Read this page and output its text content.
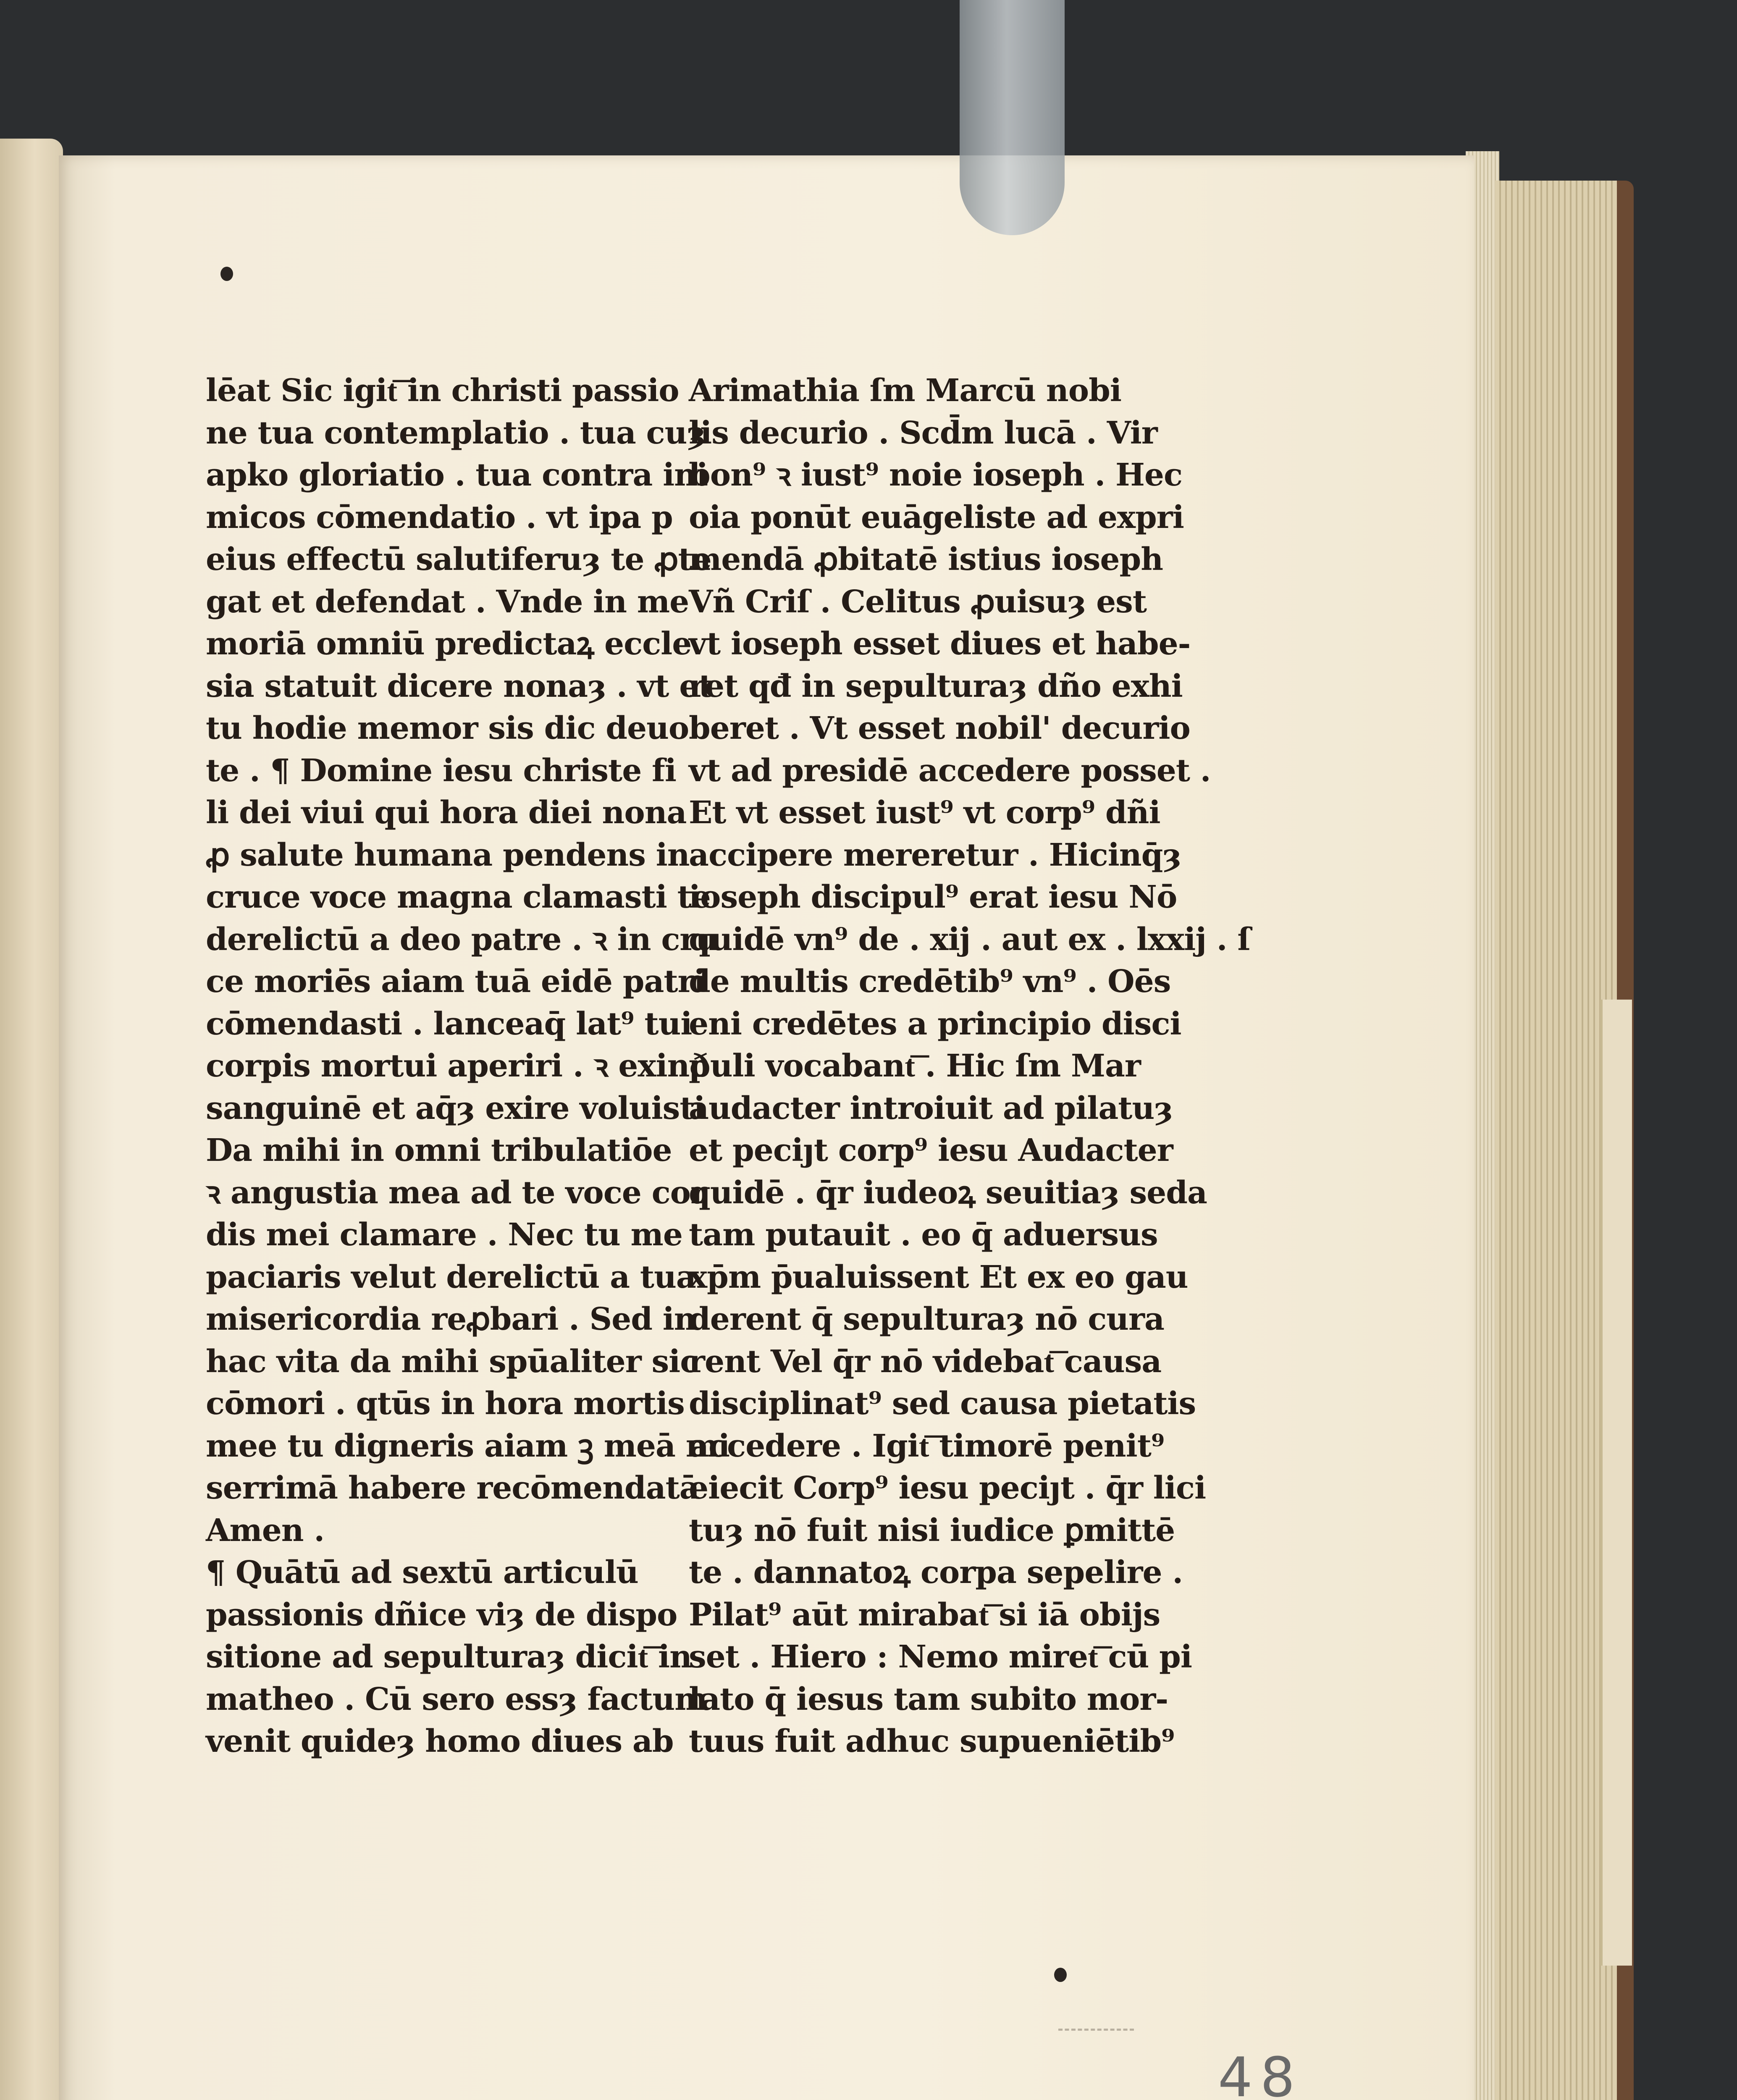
lēat Sic igit͞ in christi passio
ne tua contemplatio . tua cuȝ
apko gloriatio . tua contra ini
micos cōmendatio . vt ipa p
eius effectū salutiferuȝ te ꝓte
gat et defendat . Vnde in me
moriā omniū predictaꝝ eccle
sia statuit dicere nonaȝ . vt et
tu hodie memor sis dic deuo
te . ¶ Domine iesu christe fi
li dei viui qui hora diei nona
ꝓ salute humana pendens in
cruce voce magna clamasti te
derelictū a deo patre . ꝛ in cru
ce moriēs aiam tuā eidē patri
cōmendasti . lanceaq̄ lat⁹ tui
corpis mortui aperiri . ꝛ exinð
sanguinē et aq̄ȝ exire voluisti
Da mihi in omni tribulatiōe
ꝛ angustia mea ad te voce cor
dis mei clamare . Nec tu me
paciaris velut derelictū a tua
misericordia reꝓbari . Sed in
hac vita da mihi spūaliter sic
cōmori . qtūs in hora mortis
mee tu digneris aiam ꝫ meā mi
serrimā habere recōmendatā
Amen .
¶ Quātū ad sextū articulū
passionis dñice viȝ de dispo
sitione ad sepulturaȝ dicit͞ in
matheo . Cū sero essȝ factum
venit quideȝ homo diues ab
Arimathia ſm Marcū nobi
lis decurio . Scd̄m lucā . Vir
bon⁹ ꝛ iust⁹ noie ioseph . Hec
oia ponūt euāgeliste ad expri
mendā ꝓbitatē istius ioseph
Vñ Criſ . Celitus ꝓuisuȝ est
vt ioseph esset diues et habe-
ret qđ in sepulturaȝ dño exhi
beret . Vt esset nobil' decurio
vt ad presidē accedere posset .
Et vt esset iust⁹ vt corp⁹ dñi
accipere mereretur . Hicinq̄ȝ
ioseph discipul⁹ erat iesu Nō
quidē vn⁹ de . xij . aut ex . lxxij . ſ
de multis credētib⁹ vn⁹ . Oēs
eni credētes a principio disci
puli vocabant͞ . Hic ſm Mar
audacter introiuit ad pilatuȝ
et peciȷt corp⁹ iesu Audacter
quidē . q̄r iudeoꝝ seuitiaȝ seda
tam putauit . eo q̄ aduersus
xp̄m p̄ualuissent Et ex eo gau
derent q̄ sepulturaȝ nō cura
rent Vel q̄r nō videbat͞ causa
disciplinat⁹ sed causa pietatis
accedere . Igit͞ timorē penit⁹
eiecit Corp⁹ iesu peciȷt . q̄r lici
tuȝ nō fuit nisi iudice ꝑmittē
te . dannatoꝝ corpa sepelire .
Pilat⁹ aūt mirabat͞ si iā obijs
set . Hiero : Nemo miret͞ cū pi
lato q̄ iesus tam subito mor-
tuus fuit adhuc supueniētib⁹
48
